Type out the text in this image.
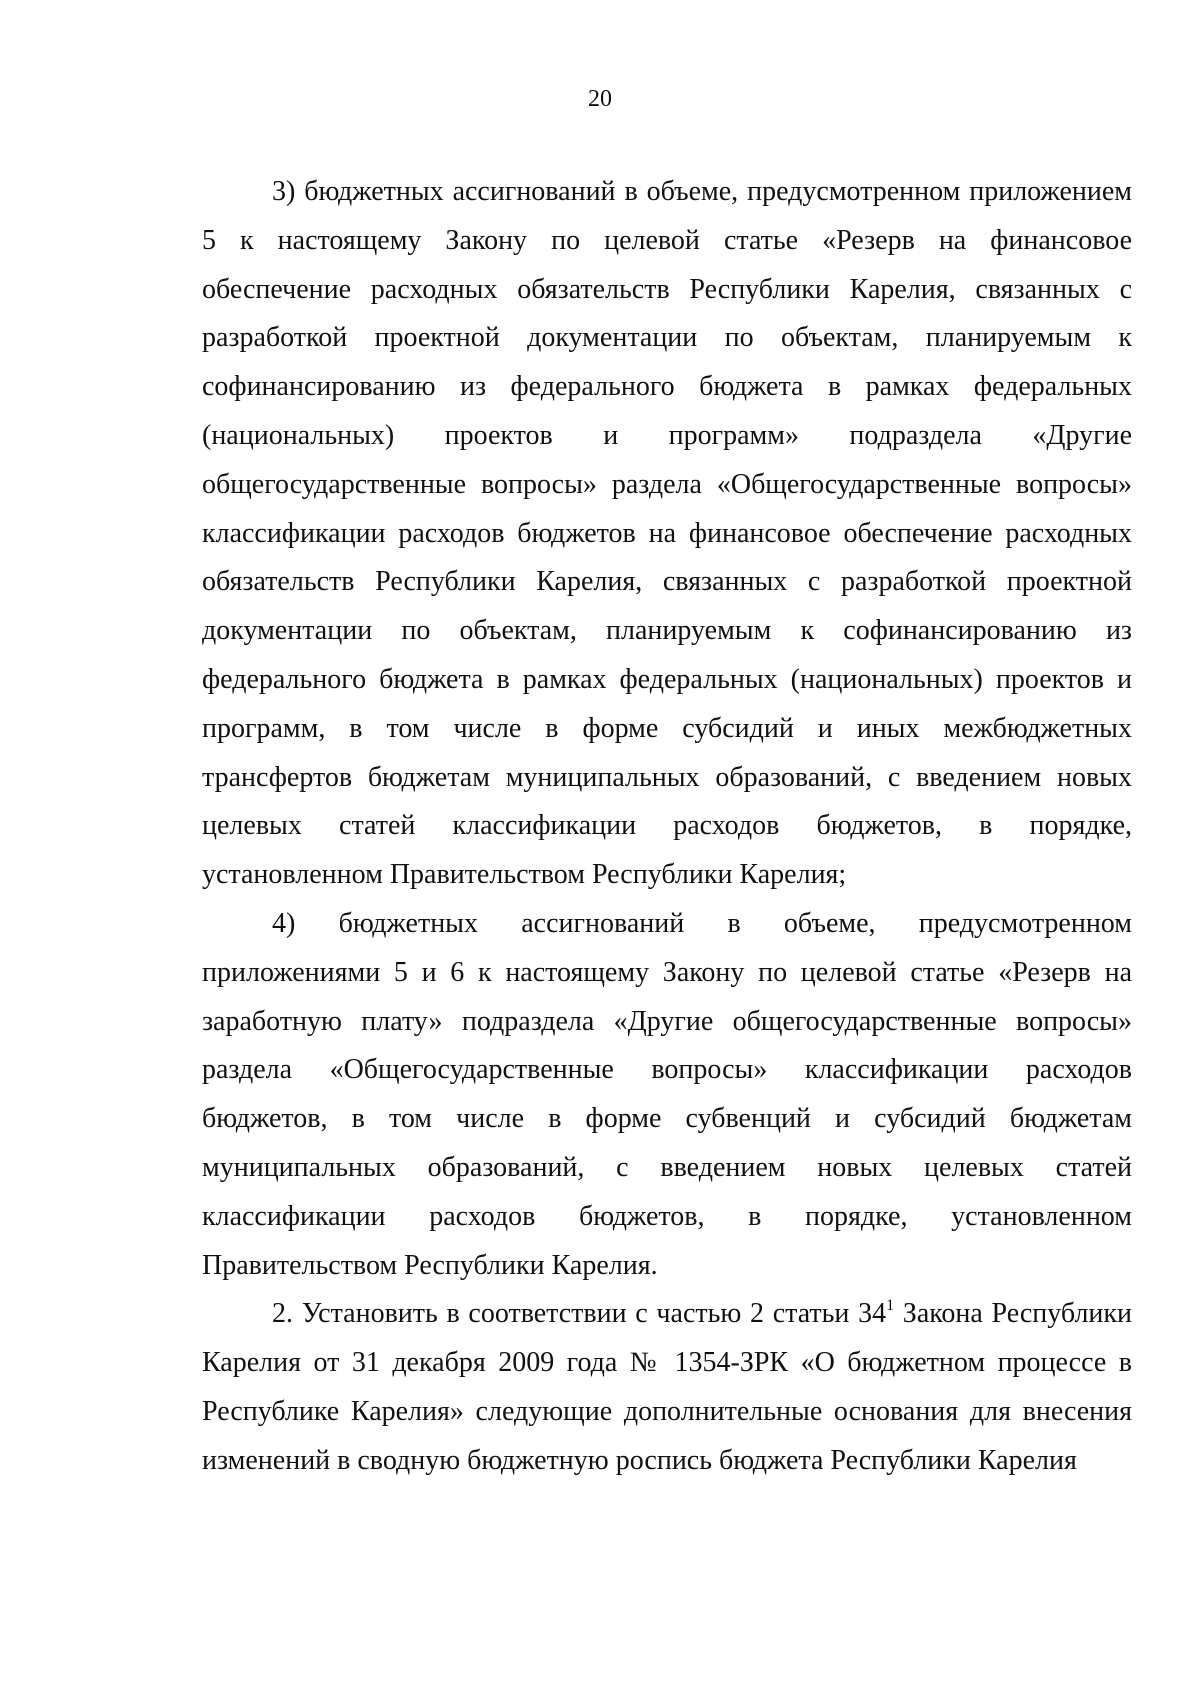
20

3) бюджетных ассигнований в объеме, предусмотренном приложением 5 к настоящему Закону по целевой статье «Резерв на финансовое обеспечение расходных обязательств Республики Карелия, связанных с разработкой проектной документации по объектам, планируемым к софинансированию из федерального бюджета в рамках федеральных (национальных) проектов и программ» подраздела «Другие общегосударственные вопросы» раздела «Общегосударственные вопросы» классификации расходов бюджетов на финансовое обеспечение расходных обязательств Республики Карелия, связанных с разработкой проектной документации по объектам, планируемым к софинансированию из федерального бюджета в рамках федеральных (национальных) проектов и программ, в том числе в форме субсидий и иных межбюджетных трансфертов бюджетам муниципальных образований, с введением новых целевых статей классификации расходов бюджетов, в порядке, установленном Правительством Республики Карелия;

4) бюджетных ассигнований в объеме, предусмотренном приложениями 5 и 6 к настоящему Закону по целевой статье «Резерв на заработную плату» подраздела «Другие общегосударственные вопросы» раздела «Общегосударственные вопросы» классификации расходов бюджетов, в том числе в форме субвенций и субсидий бюджетам муниципальных образований, с введением новых целевых статей классификации расходов бюджетов, в порядке, установленном Правительством Республики Карелия.

2. Установить в соответствии с частью 2 статьи $34^1$ Закона Республики Карелия от 31 декабря 2009 года № 1354-ЗРК «О бюджетном процессе в Республике Карелия» следующие дополнительные основания для внесения изменений в сводную бюджетную роспись бюджета Республики Карелия
